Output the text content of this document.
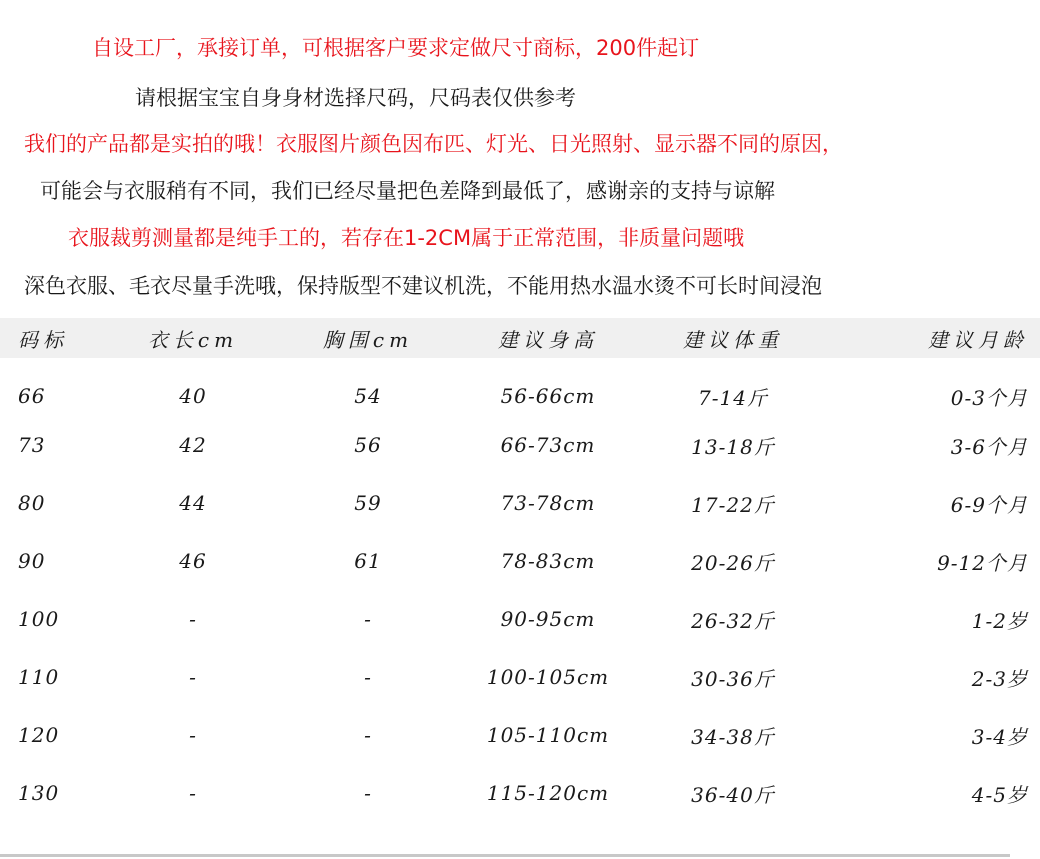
自设工厂，承接订单，可根据客户要求定做尺寸商标，200件起订
请根据宝宝自身身材选择尺码，尺码表仅供参考
我们的产品都是实拍的哦！衣服图片颜色因布匹、灯光、日光照射、显示器不同的原因，
可能会与衣服稍有不同，我们已经尽量把色差降到最低了，感谢亲的支持与谅解
衣服裁剪测量都是纯手工的，若存在1-2CM属于正常范围，非质量问题哦
深色衣服、毛衣尽量手洗哦，保持版型不建议机洗，不能用热水温水烫不可长时间浸泡
码标	衣长cm	胸围cm	建议身高	建议体重	建议月龄
66	40	54	56-66cm	7-14斤	0-3个月
73	42	56	66-73cm	13-18斤	3-6个月
80	44	59	73-78cm	17-22斤	6-9个月
90	46	61	78-83cm	20-26斤	9-12个月
100	-	-	90-95cm	26-32斤	1-2岁
110	-	-	100-105cm	30-36斤	2-3岁
120	-	-	105-110cm	34-38斤	3-4岁
130	-	-	115-120cm	36-40斤	4-5岁
